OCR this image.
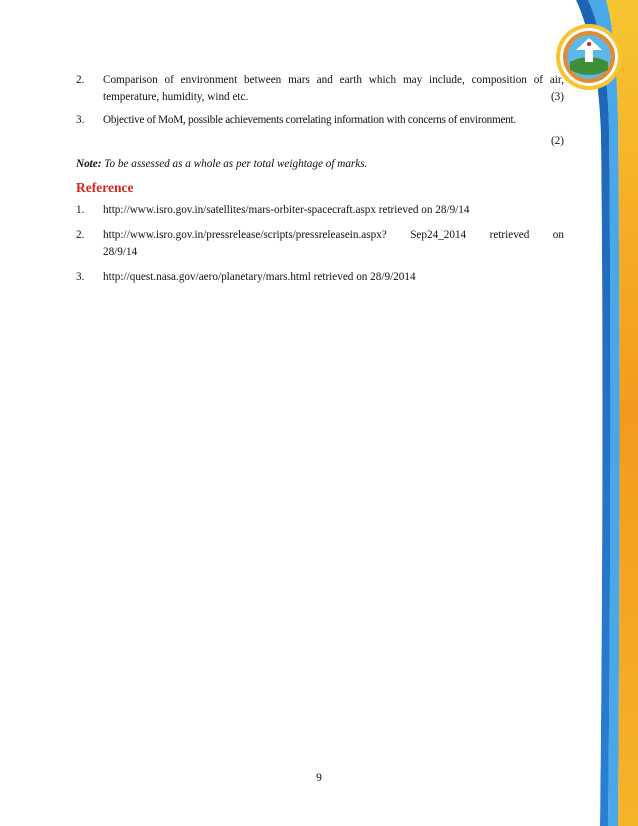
2.	Comparison of environment between mars and earth which may include, composition of air,
temperature, humidity, wind etc.	(3)
3.	Objective of MoM, possible achievements correlating information with concerns of environment.
(2)
Note: To be assessed as a whole as per total weightage of marks.
Reference
1.	http://www.isro.gov.in/satellites/mars-orbiter-spacecraft.aspx retrieved on 28/9/14
2.	http://www.isro.gov.in/pressrelease/scripts/pressreleasein.aspx? Sep24_2014 retrieved on
28/9/14
3.	http://quest.nasa.gov/aero/planetary/mars.html retrieved on 28/9/2014
9
